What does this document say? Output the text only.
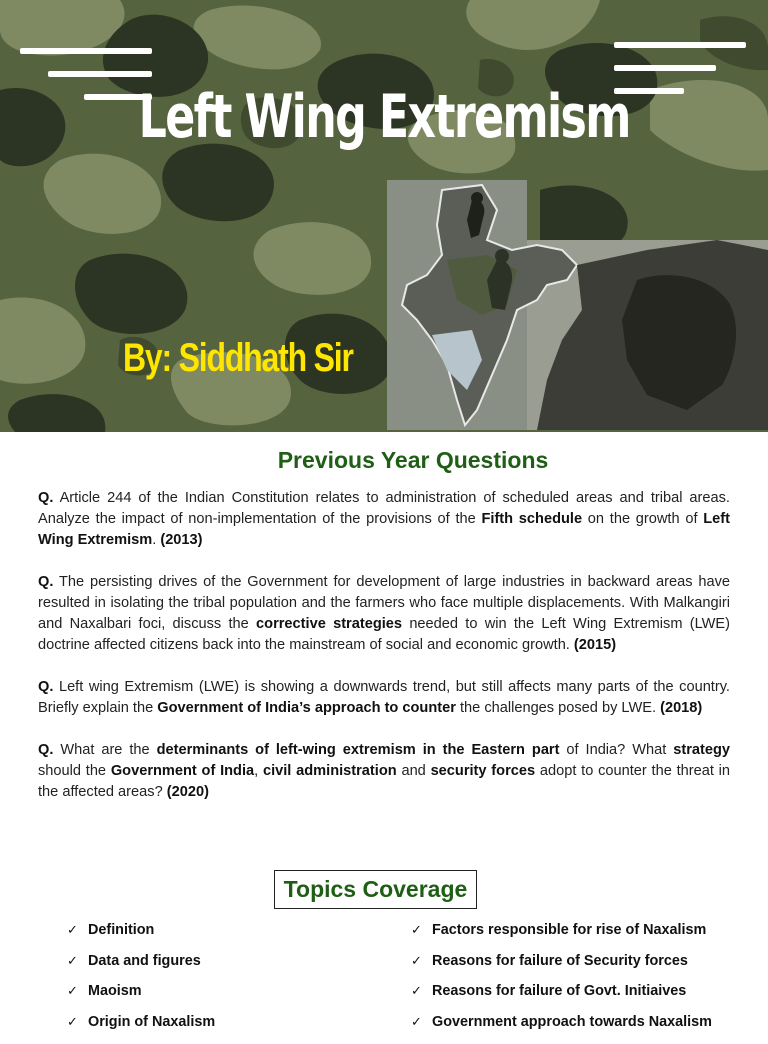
Left Wing Extremism
By: Siddhath Sir
Previous Year Questions

Q. Article 244 of the Indian Constitution relates to administration of scheduled areas and tribal areas. Analyze the impact of non-implementation of the provisions of the Fifth schedule on the growth of Left Wing Extremism. (2013)

Q. The persisting drives of the Government for development of large industries in backward areas have resulted in isolating the tribal population and the farmers who face multiple displacements. With Malkangiri and Naxalbari foci, discuss the corrective strategies needed to win the Left Wing Extremism (LWE) doctrine affected citizens back into the mainstream of social and economic growth. (2015)

Q. Left wing Extremism (LWE) is showing a downwards trend, but still affects many parts of the country. Briefly explain the Government of India’s approach to counter the challenges posed by LWE. (2018)

Q. What are the determinants of left-wing extremism in the Eastern part of India? What strategy should the Government of India, civil administration and security forces adopt to counter the threat in the affected areas? (2020)

Topics Coverage
✓ Definition
✓ Data and figures
✓ Maoism
✓ Origin of Naxalism
✓ Factors responsible for rise of Naxalism
✓ Reasons for failure of Security forces
✓ Reasons for failure of Govt. Initiaives
✓ Government approach towards Naxalism
